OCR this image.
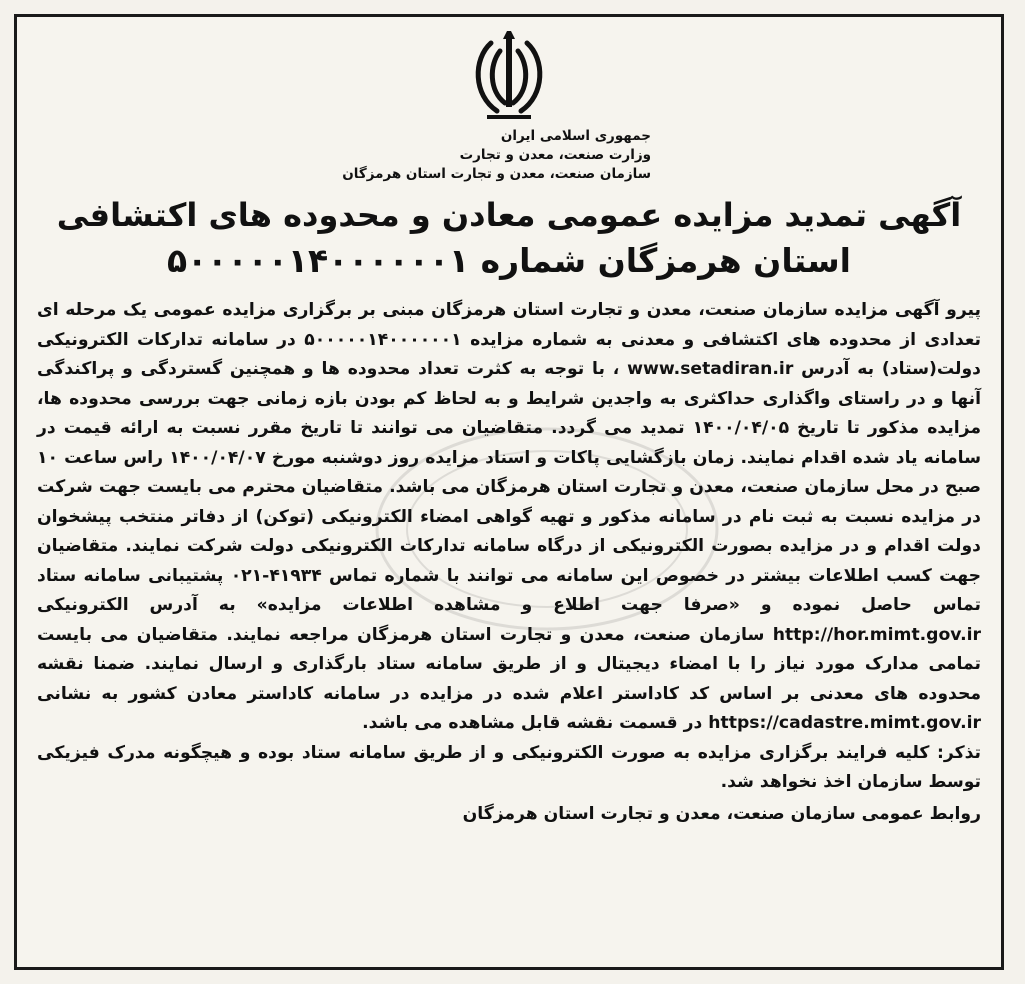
جمهوری اسلامی ایران
وزارت صنعت، معدن و تجارت
سازمان صنعت، معدن و تجارت استان هرمزگان
آگهی تمدید مزایده عمومی معادن و محدوده های اکتشافی
استان هرمزگان شماره ۵۰۰۰۰۰۱۴۰۰۰۰۰۰۱

پیرو آگهی مزایده سازمان صنعت، معدن و تجارت استان هرمزگان مبنی بر برگزاری مزایده عمومی یک مرحله ای تعدادی از محدوده های اکتشافی و معدنی به شماره مزایده ۵۰۰۰۰۰۱۴۰۰۰۰۰۰۱ در سامانه تدارکات الکترونیکی دولت(ستاد) به آدرس www.setadiran.ir ، با توجه به کثرت تعداد محدوده ها و همچنین گستردگی و پراکندگی آنها و در راستای واگذاری حداکثری به واجدین شرایط و به لحاظ کم بودن بازه زمانی جهت بررسی محدوده ها، مزایده مذکور تا تاریخ ۱۴۰۰/۰۴/۰۵ تمدید می گردد. متقاضیان می توانند تا تاریخ مقرر نسبت به ارائه قیمت در سامانه یاد شده اقدام نمایند. زمان بازگشایی پاکات و اسناد مزایده روز دوشنبه مورخ ۱۴۰۰/۰۴/۰۷ راس ساعت ۱۰ صبح در محل سازمان صنعت، معدن و تجارت استان هرمزگان می باشد. متقاضیان محترم می بایست جهت شرکت در مزایده نسبت به ثبت نام در سامانه مذکور و تهیه گواهی امضاء الکترونیکی (توکن) از دفاتر منتخب پیشخوان دولت اقدام و در مزایده بصورت الکترونیکی از درگاه سامانه تدارکات الکترونیکی دولت شرکت نمایند. متقاضیان جهت کسب اطلاعات بیشتر در خصوص این سامانه می توانند با شماره تماس ۴۱۹۳۴-۰۲۱ پشتیبانی سامانه ستاد تماس حاصل نموده و «صرفا جهت اطلاع و مشاهده اطلاعات مزایده» به آدرس الکترونیکی http://hor.mimt.gov.ir سازمان صنعت، معدن و تجارت استان هرمزگان مراجعه نمایند. متقاضیان می بایست تمامی مدارک مورد نیاز را با امضاء دیجیتال و از طریق سامانه ستاد بارگذاری و ارسال نمایند. ضمنا نقشه محدوده های معدنی بر اساس کد کاداستر اعلام شده در مزایده در سامانه کاداستر معادن کشور به نشانی https://cadastre.mimt.gov.ir در قسمت نقشه قابل مشاهده می باشد.

تذکر: کلیه فرایند برگزاری مزایده به صورت الکترونیکی و از طریق سامانه ستاد بوده و هیچگونه مدرک فیزیکی توسط سازمان اخذ نخواهد شد.

روابط عمومی سازمان صنعت، معدن و تجارت استان هرمزگان
